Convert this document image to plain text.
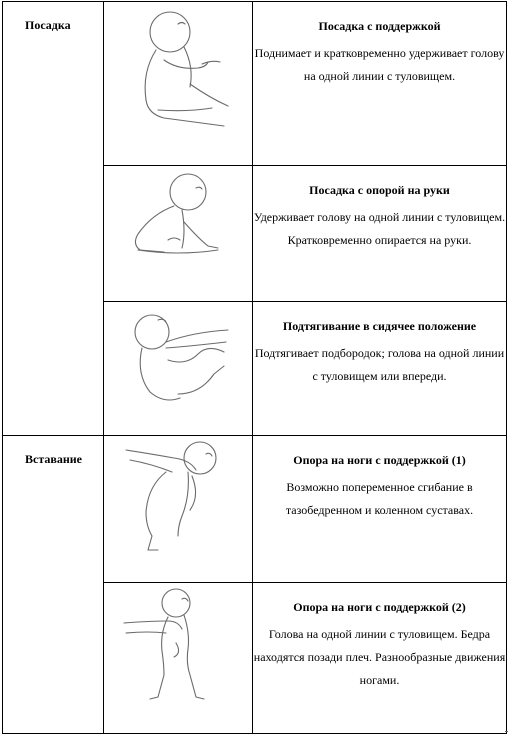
Посадка		Посадка с поддержкой
Поднимает и кратковременно удерживает голову на одной линии с туловищем.

Посадка с опорой на руки
Удерживает голову на одной линии с туловищем. Кратковременно опирается на руки.

Подтягивание в сидячее положение
Подтягивает подбородок; голова на одной линии с туловищем или впереди.

Вставание		Опора на ноги с поддержкой (1)
Возможно попеременное сгибание в тазобедренном и коленном суставах.

Опора на ноги с поддержкой (2)
Голова на одной линии с туловищем. Бедра находятся позади плеч. Разнообразные движения ногами.
